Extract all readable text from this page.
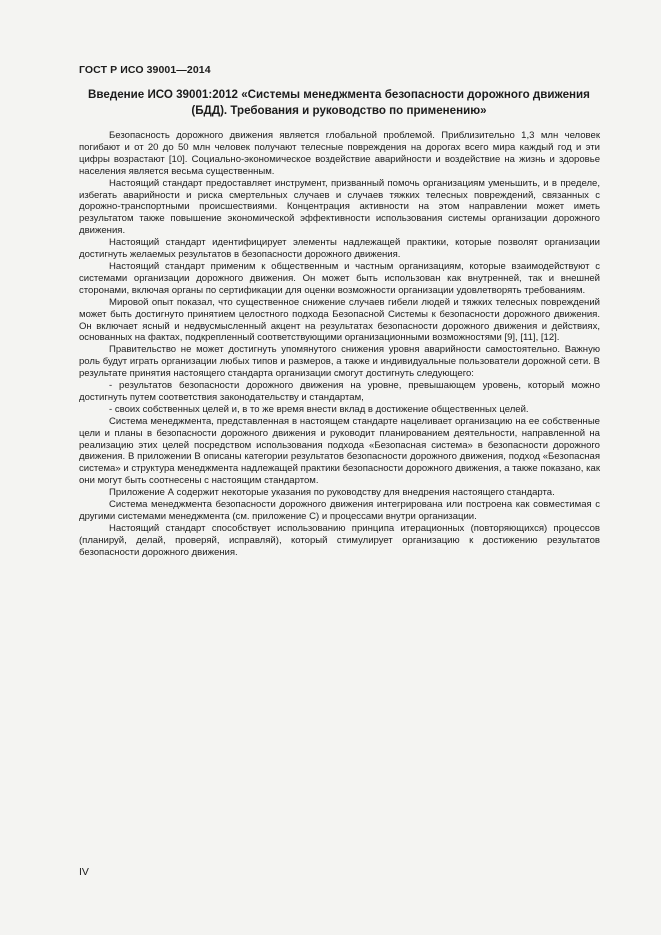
ГОСТ Р ИСО 39001—2014
Введение ИСО 39001:2012 «Системы менеджмента безопасности дорожного движения (БДД). Требования и руководство по применению»

Безопасность дорожного движения является глобальной проблемой. Приблизительно 1,3 млн человек погибают и от 20 до 50 млн человек получают телесные повреждения на дорогах всего мира каждый год и эти цифры возрастают [10]. Социально-экономическое воздействие аварийности и воздействие на жизнь и здоровье населения является весьма существенным.

Настоящий стандарт предоставляет инструмент, призванный помочь организациям уменьшить, и в пределе, избегать аварийности и риска смертельных случаев и случаев тяжких телесных повреждений, связанных с дорожно-транспортными происшествиями. Концентрация активности на этом направлении может иметь результатом также повышение экономической эффективности использования системы организации дорожного движения.

Настоящий стандарт идентифицирует элементы надлежащей практики, которые позволят организации достигнуть желаемых результатов в безопасности дорожного движения.

Настоящий стандарт применим к общественным и частным организациям, которые взаимодействуют с системами организации дорожного движения. Он может быть использован как внутренней, так и внешней сторонами, включая органы по сертификации для оценки возможности организации удовлетворять требованиям.

Мировой опыт показал, что существенное снижение случаев гибели людей и тяжких телесных повреждений может быть достигнуто принятием целостного подхода Безопасной Системы к безопасности дорожного движения. Он включает ясный и недвусмысленный акцент на результатах безопасности дорожного движения и действиях, основанных на фактах, подкрепленный соответствующими организационными возможностями [9], [11], [12].

Правительство не может достигнуть упомянутого снижения уровня аварийности самостоятельно. Важную роль будут играть организации любых типов и размеров, а также и индивидуальные пользователи дорожной сети. В результате принятия настоящего стандарта организации смогут достигнуть следующего:

- результатов безопасности дорожного движения на уровне, превышающем уровень, который можно достигнуть путем соответствия законодательству и стандартам,

- своих собственных целей и, в то же время внести вклад в достижение общественных целей.

Система менеджмента, представленная в настоящем стандарте нацеливает организацию на ее собственные цели и планы в безопасности дорожного движения и руководит планированием деятельности, направленной на реализацию этих целей посредством использования подхода «Безопасная система» в безопасности дорожного движения. В приложении В описаны категории результатов безопасности дорожного движения, подход «Безопасная система» и структура менеджмента надлежащей практики безопасности дорожного движения, а также показано, как они могут быть соотнесены с настоящим стандартом.

Приложение А содержит некоторые указания по руководству для внедрения настоящего стандарта.

Система менеджмента безопасности дорожного движения интегрирована или построена как совместимая с другими системами менеджмента (см. приложение С) и процессами внутри организации.

Настоящий стандарт способствует использованию принципа итерационных (повторяющихся) процессов (планируй, делай, проверяй, исправляй), который стимулирует организацию к достижению результатов безопасности дорожного движения.

IV
